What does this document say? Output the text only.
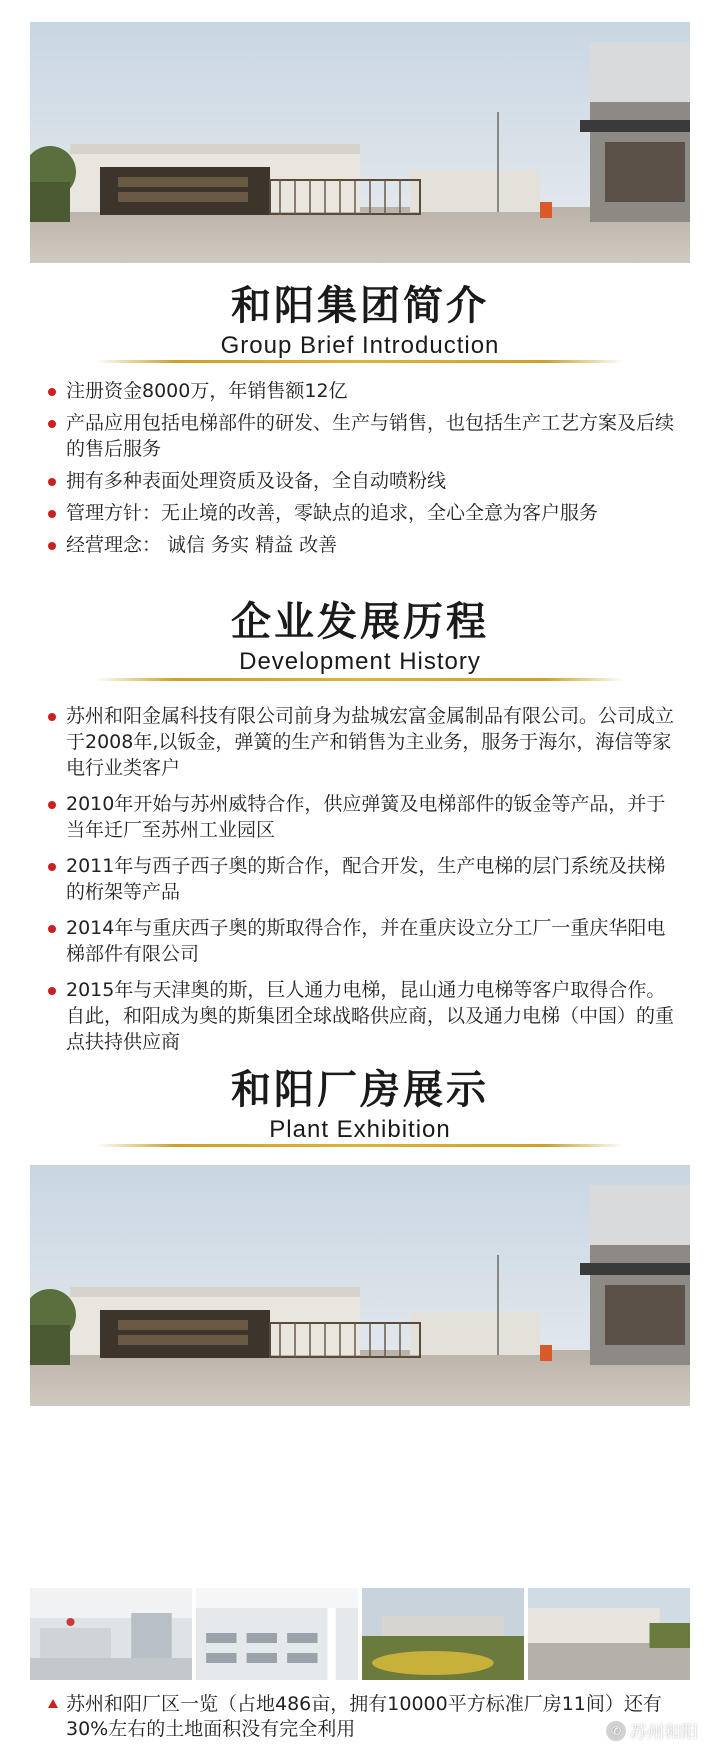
和阳集团简介
Group Brief Introduction
注册资金8000万，年销售额12亿
产品应用包括电梯部件的研发、生产与销售，也包括生产工艺方案及后续的售后服务
拥有多种表面处理资质及设备，全自动喷粉线
管理方针：无止境的改善，零缺点的追求，全心全意为客户服务
经营理念： 诚信 务实 精益 改善
企业发展历程
Development History
苏州和阳金属科技有限公司前身为盐城宏富金属制品有限公司。公司成立于2008年,以钣金，弹簧的生产和销售为主业务，服务于海尔，海信等家电行业类客户
2010年开始与苏州威特合作，供应弹簧及电梯部件的钣金等产品，并于当年迁厂至苏州工业园区
2011年与西子西子奥的斯合作，配合开发，生产电梯的层门系统及扶梯的桁架等产品
2014年与重庆西子奥的斯取得合作，并在重庆设立分工厂一重庆华阳电梯部件有限公司
2015年与天津奥的斯，巨人通力电梯，昆山通力电梯等客户取得合作。自此，和阳成为奥的斯集团全球战略供应商，以及通力电梯（中国）的重点扶持供应商
和阳厂房展示
Plant Exhibition
苏州和阳厂区一览（占地486亩，拥有10000平方标准厂房11间）还有30%左右的土地面积没有完全利用	✆ 苏州和阳
